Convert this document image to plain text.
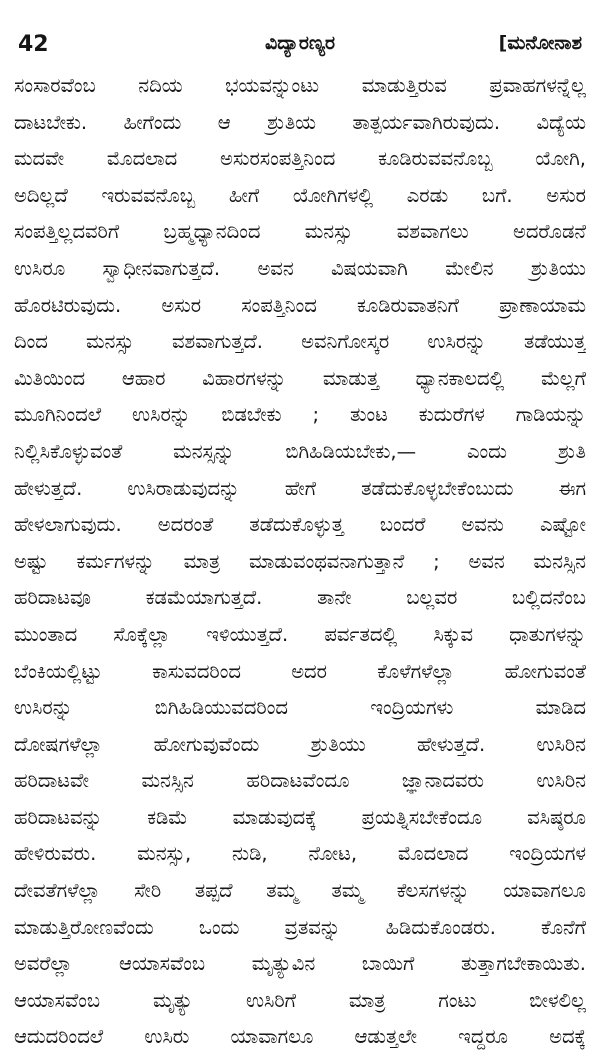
42	ವಿದ್ಯಾರಣ್ಯರ	[ಮನೋನಾಶ
ಸಂಸಾರವೆಂಬ ನದಿಯ ಭಯವನ್ನುಂಟು ಮಾಡುತ್ತಿರುವ ಪ್ರವಾಹಗಳನ್ನೆಲ್ಲ
ದಾಟಬೇಕು. ಹೀಗೆಂದು ಆ ಶ್ರುತಿಯ ತಾತ್ಪರ್ಯವಾಗಿರುವುದು. ವಿದ್ಯೆಯ
ಮದವೇ ಮೊದಲಾದ ಅಸುರಸಂಪತ್ತಿನಿಂದ ಕೂಡಿರುವವನೊಬ್ಬ ಯೋಗಿ,
ಅದಿಲ್ಲದೆ ಇರುವವನೊಬ್ಬ ಹೀಗೆ ಯೋಗಿಗಳಲ್ಲಿ ಎರಡು ಬಗೆ. ಅಸುರ
ಸಂಪತ್ತಿಲ್ಲದವರಿಗೆ ಬ್ರಹ್ಮಧ್ಯಾನದಿಂದ ಮನಸ್ಸು ವಶವಾಗಲು ಅದರೊಡನೆ
ಉಸಿರೂ ಸ್ವಾಧೀನವಾಗುತ್ತದೆ. ಅವನ ವಿಷಯವಾಗಿ ಮೇಲಿನ ಶ್ರುತಿಯು
ಹೊರಟಿರುವುದು. ಅಸುರ ಸಂಪತ್ತಿನಿಂದ ಕೂಡಿರುವಾತನಿಗೆ ಪ್ರಾಣಾಯಾಮ
ದಿಂದ ಮನಸ್ಸು ವಶವಾಗುತ್ತದೆ. ಅವನಿಗೋಸ್ಕರ ಉಸಿರನ್ನು ತಡೆಯುತ್ತ
ಮಿತಿಯಿಂದ ಆಹಾರ ವಿಹಾರಗಳನ್ನು ಮಾಡುತ್ತ ಧ್ಯಾನಕಾಲದಲ್ಲಿ ಮೆಲ್ಲಗೆ
ಮೂಗಿನಿಂದಲೆ ಉಸಿರನ್ನು ಬಿಡಬೇಕು ; ತುಂಟ ಕುದುರೆಗಳ ಗಾಡಿಯನ್ನು
ನಿಲ್ಲಿಸಿಕೊಳ್ಳುವಂತೆ ಮನಸ್ಸನ್ನು ಬಿಗಿಹಿಡಿಯಬೇಕು,— ಎಂದು ಶ್ರುತಿ
ಹೇಳುತ್ತದೆ. ಉಸಿರಾಡುವುದನ್ನು ಹೇಗೆ ತಡೆದುಕೊಳ್ಳಬೇಕೆಂಬುದು ಈಗ
ಹೇಳಲಾಗುವುದು. ಅದರಂತೆ ತಡೆದುಕೊಳ್ಳುತ್ತ ಬಂದರೆ ಅವನು ಎಷ್ಟೋ
ಅಷ್ಟು ಕರ್ಮಗಳನ್ನು ಮಾತ್ರ ಮಾಡುವಂಥವನಾಗುತ್ತಾನೆ ; ಅವನ ಮನಸ್ಸಿನ
ಹರಿದಾಟವೂ ಕಡಮೆಯಾಗುತ್ತದೆ. ತಾನೇ ಬಲ್ಲವರ ಬಲ್ಲಿದನೆಂಬ
ಮುಂತಾದ ಸೊಕ್ಕೆಲ್ಲಾ ಇಳಿಯುತ್ತದೆ. ಪರ್ವತದಲ್ಲಿ ಸಿಕ್ಕುವ ಧಾತುಗಳನ್ನು
ಬೆಂಕಿಯಲ್ಲಿಟ್ಟು ಕಾಸುವದರಿಂದ ಅದರ ಕೊಳೆಗಳೆಲ್ಲಾ ಹೋಗುವಂತೆ
ಉಸಿರನ್ನು ಬಿಗಿಹಿಡಿಯುವದರಿಂದ ಇಂದ್ರಿಯಗಳು ಮಾಡಿದ
ದೋಷಗಳೆಲ್ಲಾ ಹೋಗುವುವೆಂದು ಶ್ರುತಿಯು ಹೇಳುತ್ತದೆ. ಉಸಿರಿನ
ಹರಿದಾಟವೇ ಮನಸ್ಸಿನ ಹರಿದಾಟವೆಂದೂ ಜ್ಞಾನಾದವರು ಉಸಿರಿನ
ಹರಿದಾಟವನ್ನು ಕಡಿಮೆ ಮಾಡುವುದಕ್ಕೆ ಪ್ರಯತ್ನಿಸಬೇಕೆಂದೂ ವಸಿಷ್ಠರೂ
ಹೇಳಿರುವರು. ಮನಸ್ಸು, ನುಡಿ, ನೋಟ, ಮೊದಲಾದ ಇಂದ್ರಿಯಗಳ
ದೇವತೆಗಳೆಲ್ಲಾ ಸೇರಿ ತಪ್ಪದೆ ತಮ್ಮ ತಮ್ಮ ಕೆಲಸಗಳನ್ನು ಯಾವಾಗಲೂ
ಮಾಡುತ್ತಿರೋಣವೆಂದು ಒಂದು ವ್ರತವನ್ನು ಹಿಡಿದುಕೊಂಡರು. ಕೊನೆಗೆ
ಅವರೆಲ್ಲಾ ಆಯಾಸವೆಂಬ ಮೃತ್ಯುವಿನ ಬಾಯಿಗೆ ತುತ್ತಾಗಬೇಕಾಯಿತು.
ಆಯಾಸವೆಂಬ ಮೃತ್ಯು ಉಸಿರಿಗೆ ಮಾತ್ರ ಗಂಟು ಬೀಳಲಿಲ್ಲ
ಆದುದರಿಂದಲೆ ಉಸಿರು ಯಾವಾಗಲೂ ಆಡುತ್ತಲೇ ಇದ್ದರೂ ಅದಕ್ಕೆ
